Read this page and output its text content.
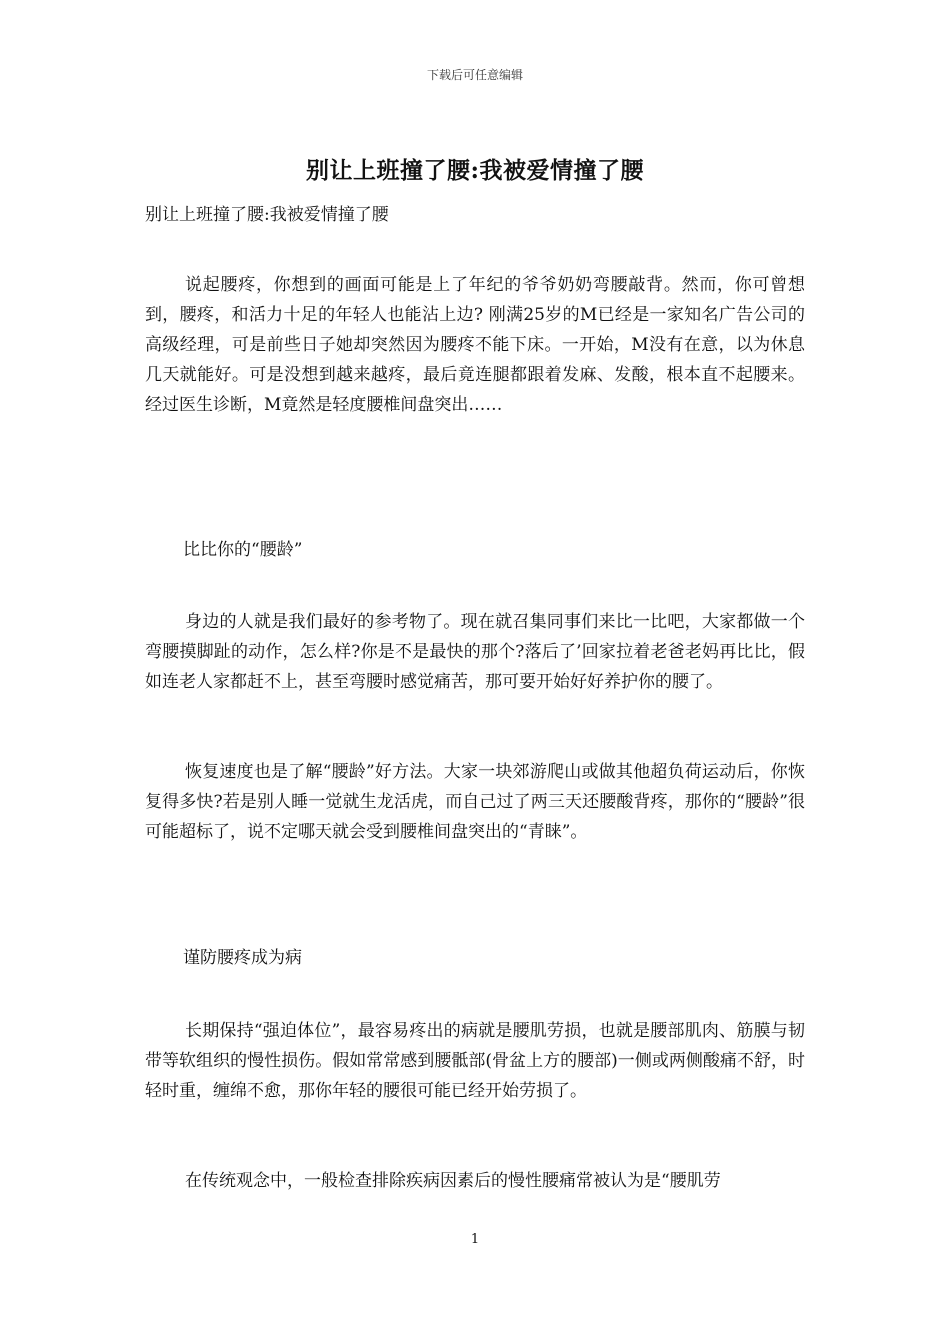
下载后可任意编辑
别让上班撞了腰:我被爱情撞了腰

别让上班撞了腰:我被爱情撞了腰

说起腰疼，你想到的画面可能是上了年纪的爷爷奶奶弯腰敲背。然而，你可曾想到，腰疼，和活力十足的年轻人也能沾上边? 刚满25岁的M已经是一家知名广告公司的高级经理，可是前些日子她却突然因为腰疼不能下床。一开始，M没有在意，以为休息几天就能好。可是没想到越来越疼，最后竟连腿都跟着发麻、发酸，根本直不起腰来。经过医生诊断，M竟然是轻度腰椎间盘突出……

比比你的“腰龄”

身边的人就是我们最好的参考物了。现在就召集同事们来比一比吧，大家都做一个弯腰摸脚趾的动作，怎么样?你是不是最快的那个?落后了’回家拉着老爸老妈再比比，假如连老人家都赶不上，甚至弯腰时感觉痛苦，那可要开始好好养护你的腰了。

恢复速度也是了解“腰龄”好方法。大家一块郊游爬山或做其他超负荷运动后，你恢复得多快?若是别人睡一觉就生龙活虎，而自己过了两三天还腰酸背疼，那你的“腰龄”很可能超标了，说不定哪天就会受到腰椎间盘突出的“青睐”。

谨防腰疼成为病

长期保持“强迫体位”，最容易疼出的病就是腰肌劳损，也就是腰部肌肉、筋膜与韧带等软组织的慢性损伤。假如常常感到腰骶部(骨盆上方的腰部)一侧或两侧酸痛不舒，时轻时重，缠绵不愈，那你年轻的腰很可能已经开始劳损了。

在传统观念中，一般检查排除疾病因素后的慢性腰痛常被认为是“腰肌劳

1
